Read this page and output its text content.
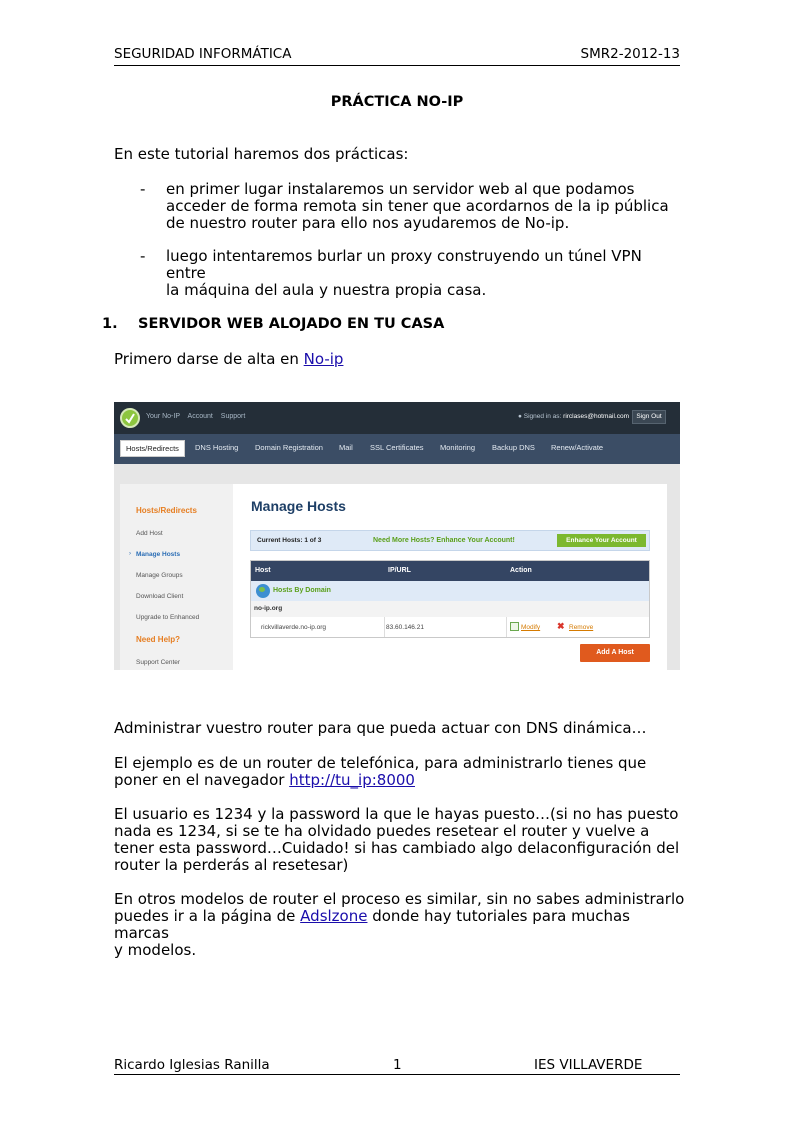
SEGURIDAD INFORMÁTICA	SMR2-2012-13
PRÁCTICA NO-IP
En este tutorial haremos dos prácticas:
- en primer lugar instalaremos un servidor web al que podamos
acceder de forma remota sin tener que acordarnos de la ip pública
de nuestro router para ello nos ayudaremos de No-ip.
- luego intentaremos burlar un proxy construyendo un túnel VPN entre
la máquina del aula y nuestra propia casa.
1. SERVIDOR WEB ALOJADO EN TU CASA
Primero darse de alta en No-ip
Your No-IP Account Support	● Signed in as: rirclases@hotmail.com	Sign Out
Hosts/Redirects	DNS Hosting Domain Registration Mail SSL Certificates Monitoring Backup DNS Renew/Activate
Hosts/Redirects
Add Host
› Manage Hosts
Manage Groups
Download Client
Upgrade to Enhanced
Need Help?
Support Center
Manage Hosts
Current Hosts: 1 of 3	Need More Hosts? Enhance Your Account!	Enhance Your Account
Host	IP/URL	Action
Hosts By Domain
no-ip.org
rickvillaverde.no-ip.org	83.60.146.21	Modify ✖ Remove
Add A Host
Administrar vuestro router para que pueda actuar con DNS dinámica…
El ejemplo es de un router de telefónica, para administrarlo tienes que
poner en el navegador http://tu_ip:8000
El usuario es 1234 y la password la que le hayas puesto…(si no has puesto
nada es 1234, si se te ha olvidado puedes resetear el router y vuelve a
tener esta password…Cuidado! si has cambiado algo delaconfiguración del
router la perderás al resetesar)
En otros modelos de router el proceso es similar, sin no sabes administrarlo
puedes ir a la página de Adslzone donde hay tutoriales para muchas marcas
y modelos.
Ricardo Iglesias Ranilla	1	IES VILLAVERDE
